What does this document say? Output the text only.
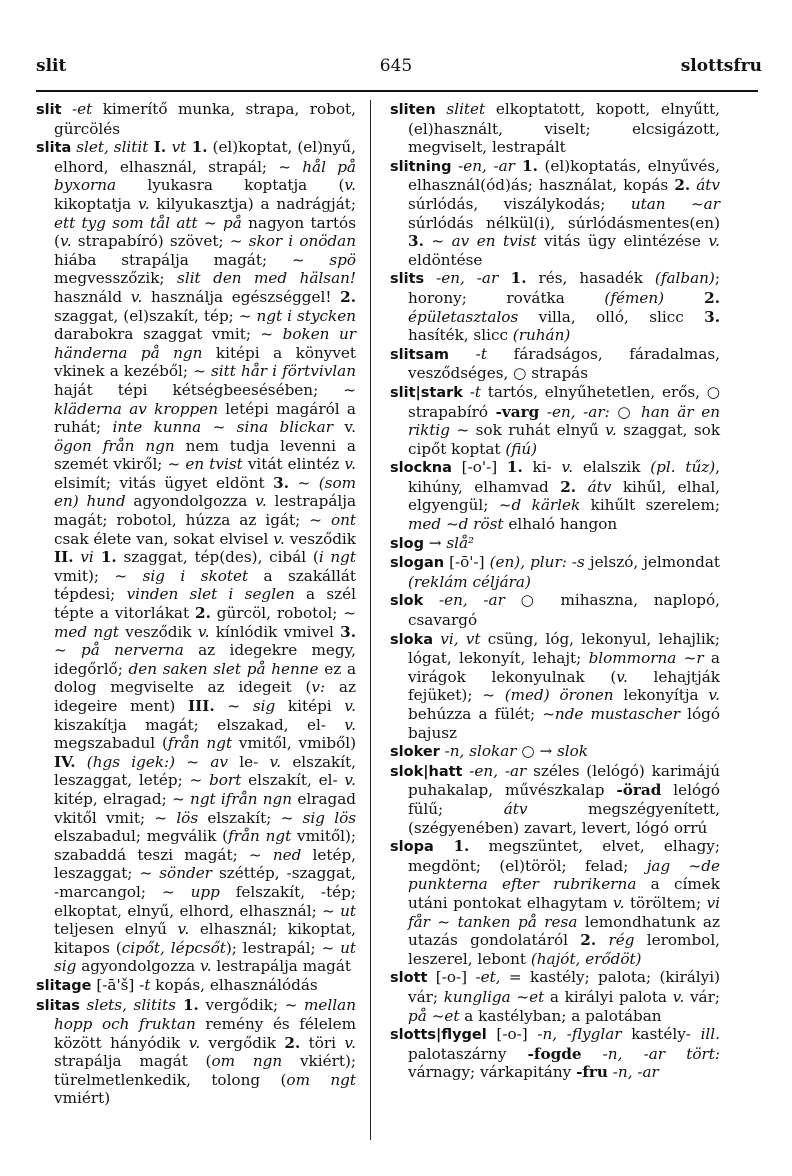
slit	645	slottsfru

slit -et kimerítő munka, strapa, robot, gürcölés

slita slet, slitit I. vt 1. (el)koptat, (el)nyű, elhord, elhasznál, strapál; ~ hål på byxorna lyukasra koptatja (v. kikoptatja v. kilyukasztja) a nadrágját; ett tyg som tål att ~ på nagyon tartós (v. strapabíró) szövet; ~ skor i onödan hiába strapálja magát; ~ spö megvesszőzik; slit den med hälsan! használd v. használja egészséggel! 2. szaggat, (el)szakít, tép; ~ ngt i stycken darabokra szaggat vmit; ~ boken ur händerna på ngn kitépi a könyvet vkinek a kezéből; ~ sitt hår i förtvivlan haját tépi kétségbeesésében; ~ kläderna av kroppen letépi magáról a ruhát; inte kunna ~ sina blickar v. ögon från ngn nem tudja levenni a szemét vkiről; ~ en tvist vitát elintéz v. elsimít; vitás ügyet eldönt 3. ~ (som en) hund agyondolgozza v. lestrapálja magát; robotol, húzza az igát; ~ ont csak élete van, sokat elvisel v. vesződik II. vi 1. szaggat, tép(des), cibál (i ngt vmit); ~ sig i skotet a szakállát tépdesi; vinden slet i seglen a szél tépte a vitorlákat 2. gürcöl, robotol; ~ med ngt vesződik v. kínlódik vmivel 3. ~ på nerverna az idegekre megy, idegőrlő; den saken slet på henne ez a dolog megviselte az idegeit (v: az idegeire ment) III. ~ sig kitépi v. kiszakítja magát; elszakad, el- v. megszabadul (från ngt vmitől, vmiből) IV. (hgs igek:) ~ av le- v. elszakít, leszaggat, letép; ~ bort elszakít, el- v. kitép, elragad; ~ ngt ifrån ngn elragad vkitől vmit; ~ lös elszakít; ~ sig lös elszabadul; megválik (från ngt vmitől); szabaddá teszi magát; ~ ned letép, leszaggat; ~ sönder széttép, -szaggat, -marcangol; ~ upp felszakít, -tép; elkoptat, elnyű, elhord, elhasznál; ~ ut teljesen elnyű v. elhasznál; kikoptat, kitapos (cipőt, lépcsőt); lestrapál; ~ ut sig agyondolgozza v. lestrapálja magát

slitage [-ā'š] -t kopás, elhasználódás

slitas slets, slitits 1. vergődik; ~ mellan hopp och fruktan remény és félelem között hányódik v. vergődik 2. töri v. strapálja magát (om ngn vkiért); türelmetlenkedik, tolong (om ngt vmiért)

sliten slitet elkoptatott, kopott, elnyűtt, (el)használt, viselt; elcsigázott, megviselt, lestrapált

slitning -en, -ar 1. (el)koptatás, elnyűvés, elhasznál(ód)ás; használat, kopás 2. átv súrlódás, viszálykodás; utan ~ar súrlódás nélkül(i), súrlódásmentes(en) 3. ~ av en tvist vitás ügy elintézése v. eldöntése

slits -en, -ar 1. rés, hasadék (falban); horony; rovátka (fémen) 2. épületasztalos villa, olló, slicc 3. hasíték, slicc (ruhán)

slitsam -t fáradságos, fáradalmas, vesződséges, ○ strapás

slit|stark -t tartós, elnyűhetetlen, erős, ○ strapabíró -varg -en, -ar: ○ han är en riktig ~ sok ruhát elnyű v. szaggat, sok cipőt koptat (fiú)

slockna [-o'-] 1. ki- v. elalszik (pl. tűz), kihúny, elhamvad 2. átv kihűl, elhal, elgyengül; ~d kärlek kihűlt szerelem; med ~d röst elhaló hangon

slog → slå²

slogan [-ō'-] (en), plur: -s jelszó, jelmondat (reklám céljára)

slok -en, -ar ○ mihaszna, naplopó, csavargó

sloka vi, vt csüng, lóg, lekonyul, lehajlik; lógat, lekonyít, lehajt; blommorna ~r a virágok lekonyulnak (v. lehajtják fejüket); ~ (med) öronen lekonyítja v. behúzza a fülét; ~nde mustascher lógó bajusz

sloker -n, slokar ○ → slok

slok|hatt -en, -ar széles (lelógó) karimájú puhakalap, művészkalap -örad lelógó fülű; átv megszégyenített, (szégyenében) zavart, levert, lógó orrú

slopa 1. megszüntet, elvet, elhagy; megdönt; (el)töröl; felad; jag ~de punkterna efter rubrikerna a címek utáni pontokat elhagytam v. töröltem; vi får ~ tanken på resa lemondhatunk az utazás gondolatáról 2. rég lerombol, leszerel, lebont (hajót, erődöt)

slott [-o-] -et, = kastély; palota; (királyi) vár; kungliga ~et a királyi palota v. vár; på ~et a kastélyban; a palotában

slotts|flygel [-o-] -n, -flyglar kastély- ill. palotaszárny -fogde -n, -ar tört: várnagy; várkapitány -fru -n, -ar
